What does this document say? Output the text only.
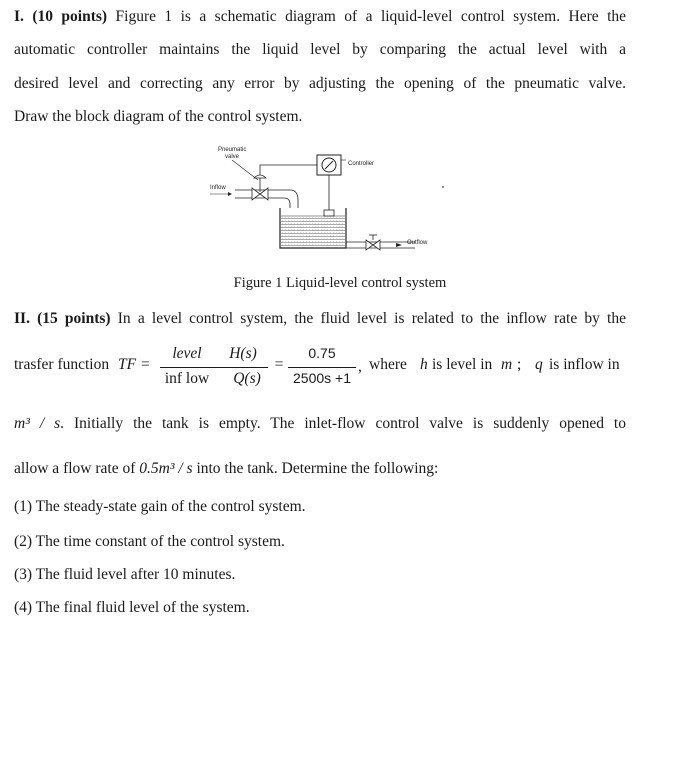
I. (10 points) Figure 1 is a schematic diagram of a liquid-level control system. Here the
automatic controller maintains the liquid level by comparing the actual level with a
desired level and correcting any error by adjusting the opening of the pneumatic valve.
Draw the block diagram of the control system.
Pneumatic
valve
Controller
Inflow
Outflow
Figure 1 Liquid-level control system
II. (15 points) In a level control system, the fluid level is related to the inflow rate by the
trasfer function TF =
level
inf low
H(s)
Q(s)
=
0.75
2500s +1
, where h is level in m ; q is inflow in
m³ / s. Initially the tank is empty. The inlet-flow control valve is suddenly opened to
allow a flow rate of 0.5m³ / s into the tank. Determine the following:
(1) The steady-state gain of the control system.
(2) The time constant of the control system.
(3) The fluid level after 10 minutes.
(4) The final fluid level of the system.
